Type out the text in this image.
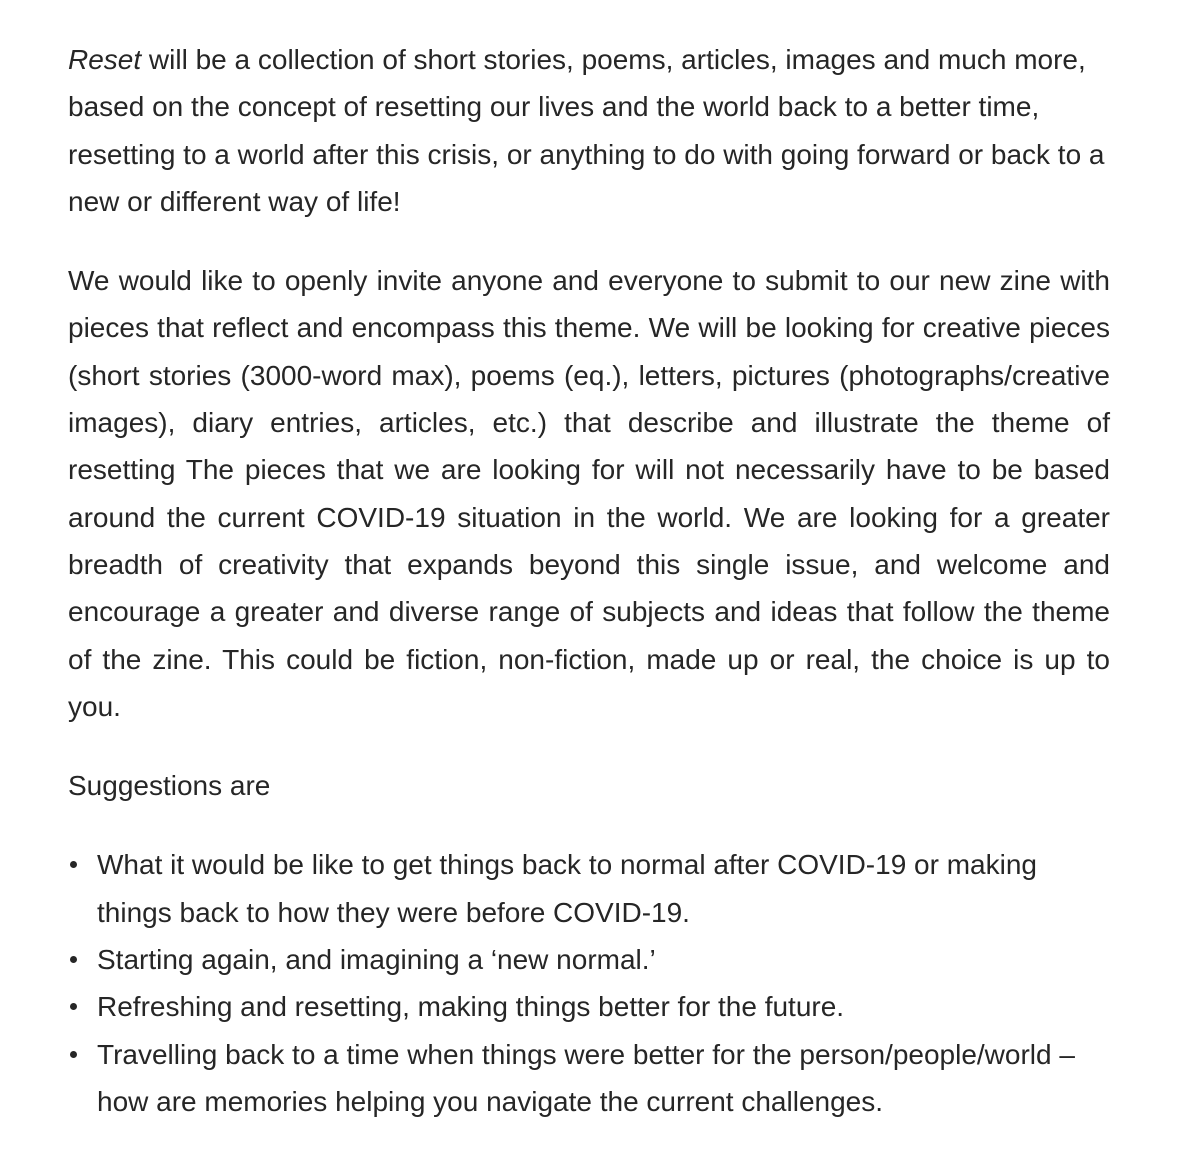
Reset will be a collection of short stories, poems, articles, images and much more, based on the concept of resetting our lives and the world back to a better time, resetting to a world after this crisis, or anything to do with going forward or back to a new or different way of life!

We would like to openly invite anyone and everyone to submit to our new zine with pieces that reflect and encompass this theme. We will be looking for creative pieces (short stories (3000-word max), poems (eq.), letters, pictures (photographs/creative images), diary entries, articles, etc.) that describe and illustrate the theme of resetting The pieces that we are looking for will not necessarily have to be based around the current COVID-19 situation in the world. We are looking for a greater breadth of creativity that expands beyond this single issue, and welcome and encourage a greater and diverse range of subjects and ideas that follow the theme of the zine. This could be fiction, non-fiction, made up or real, the choice is up to you.

Suggestions are

What it would be like to get things back to normal after COVID-19 or making things back to how they were before COVID-19.
Starting again, and imagining a ‘new normal.’
Refreshing and resetting, making things better for the future.
Travelling back to a time when things were better for the person/people/world – how are memories helping you navigate the current challenges.
